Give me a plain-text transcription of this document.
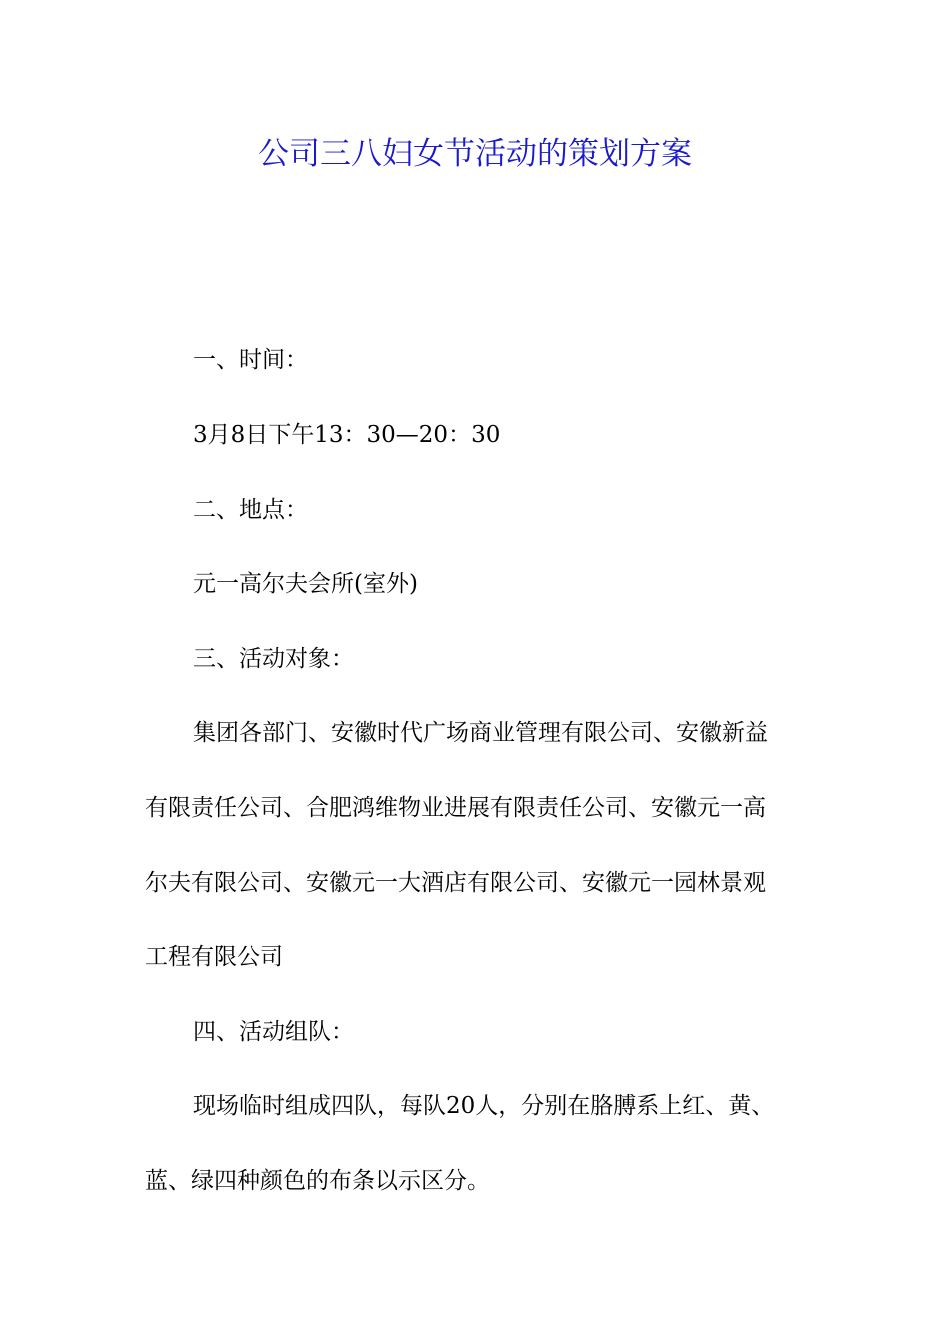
公司三八妇女节活动的策划方案
一、时间：
3月8日下午13：30—20：30
二、地点：
元一高尔夫会所(室外)
三、活动对象：
集团各部门、安徽时代广场商业管理有限公司、安徽新益
有限责任公司、合肥鸿维物业进展有限责任公司、安徽元一高
尔夫有限公司、安徽元一大酒店有限公司、安徽元一园林景观
工程有限公司
四、活动组队：
现场临时组成四队，每队20人，分别在胳膊系上红、黄、
蓝、绿四种颜色的布条以示区分。
